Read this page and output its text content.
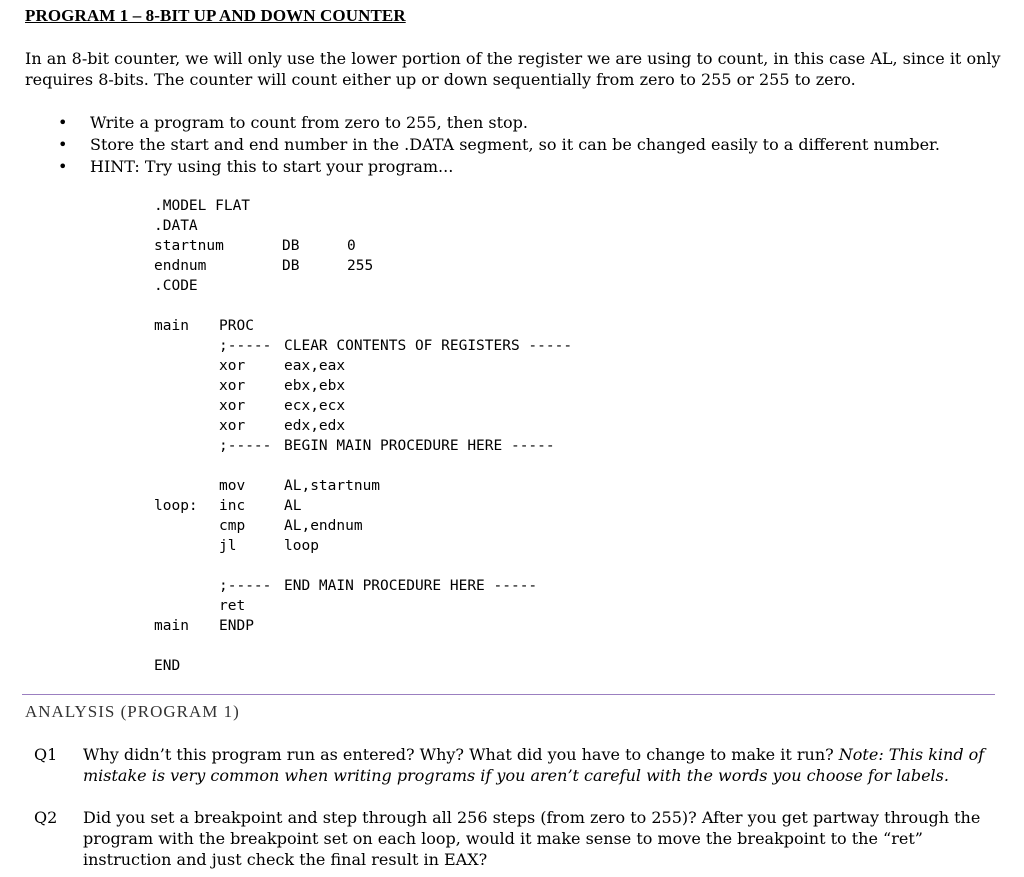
PROGRAM 1 – 8-BIT UP AND DOWN COUNTER
In an 8-bit counter, we will only use the lower portion of the register we are using to count, in this case AL, since it only requires 8-bits. The counter will count either up or down sequentially from zero to 255 or 255 to zero.
• Write a program to count from zero to 255, then stop.
• Store the start and end number in the .DATA segment, so it can be changed easily to a different number.
• HINT: Try using this to start your program...
.MODEL FLAT
.DATA
startnum	DB	0
endnum	DB	255
.CODE
main PROC
;----- CLEAR CONTENTS OF REGISTERS -----
xor	eax,eax
xor	ebx,ebx
xor	ecx,ecx
xor	edx,edx
;----- BEGIN MAIN PROCEDURE HERE -----
mov	AL,startnum
loop: inc	AL
cmp	AL,endnum
jl	loop
;----- END MAIN PROCEDURE HERE -----
ret
main ENDP
END
ANALYSIS (PROGRAM 1)
Q1 Why didn’t this program run as entered? Why? What did you have to change to make it run? Note: This kind of mistake is very common when writing programs if you aren’t careful with the words you choose for labels.
Q2 Did you set a breakpoint and step through all 256 steps (from zero to 255)? After you get partway through the program with the breakpoint set on each loop, would it make sense to move the breakpoint to the “ret” instruction and just check the final result in EAX?
